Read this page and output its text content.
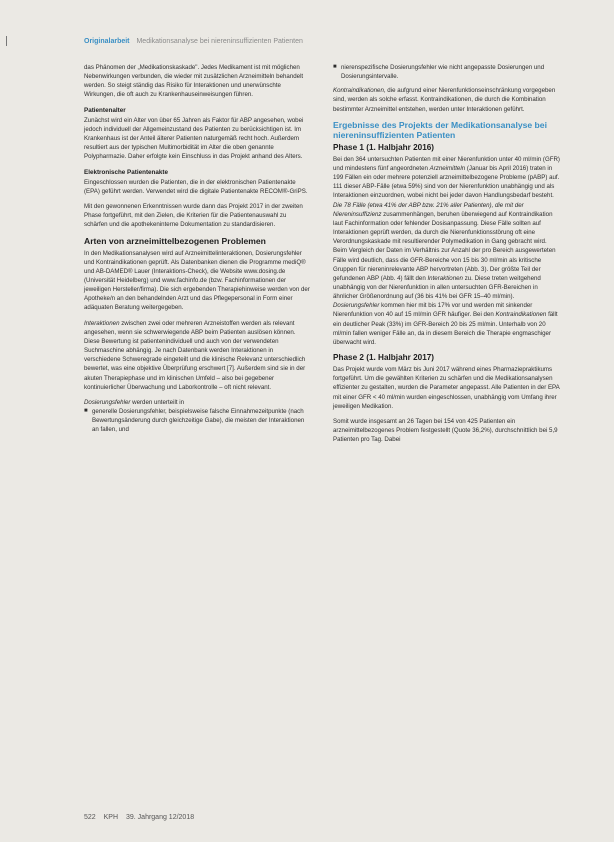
Originalarbeit Medikationsanalyse bei niereninsuffizienten Patienten

das Phänomen der „Medikationskaskade". Jedes Medikament ist mit möglichen Nebenwirkungen verbunden, die wieder mit zusätzlichen Arzneimitteln behandelt werden. So steigt ständig das Risiko für Interaktionen und unerwünschte Wirkungen, die oft auch zu Krankenhauseinweisungen führen.

Patientenalter

Zunächst wird ein Alter von über 65 Jahren als Faktor für ABP angesehen, wobei jedoch individuell der Allgemeinzustand des Patienten zu berücksichtigen ist. Im Krankenhaus ist der Anteil älterer Patienten naturgemäß recht hoch. Außerdem resultiert aus der typischen Multimorbidität im Alter die oben genannte Polypharmazie. Daher erfolgte kein Einschluss in das Projekt anhand des Alters.

Elektronische Patientenakte

Eingeschlossen wurden die Patienten, die in der elektronischen Patientenakte (EPA) geführt werden. Verwendet wird die digitale Patientenakte RECOM®-GriPS.

Mit den gewonnenen Erkenntnissen wurde dann das Projekt 2017 in der zweiten Phase fortgeführt, mit den Zielen, die Kriterien für die Patientenauswahl zu schärfen und die apothekeninterne Dokumentation zu standardisieren.

Arten von arzneimittelbezogenen Problemen

In den Medikationsanalysen wird auf Arzneimittelinteraktionen, Dosierungsfehler und Kontraindikationen geprüft. Als Datenbanken dienen die Programme mediQ® und AB-DAMED® Lauer (Interaktions-Check), die Website www.dosing.de (Universität Heidelberg) und www.fachinfo.de (bzw. Fachinformationen der jeweiligen Hersteller/firma). Die sich ergebenden Therapiehinweise werden von der Apotheke/n an den behandelnden Arzt und das Pflegepersonal in Form einer adäquaten Beratung weitergegeben.

Interaktionen zwischen zwei oder mehreren Arzneistoffen werden als relevant angesehen, wenn sie schwerwiegende ABP beim Patienten auslösen können. Diese Bewertung ist patientenindividuell und auch von der verwendeten Suchmaschine abhängig. Je nach Datenbank werden Interaktionen in verschiedene Schweregrade eingeteilt und die klinische Relevanz unterschiedlich bewertet, was eine objektive Überprüfung erschwert [7]. Außerdem sind sie in der akuten Therapiephase und im klinischen Umfeld – also bei gegebener kontinuierlicher Überwachung und Laborkontrolle – oft nicht relevant.

Dosierungsfehler werden unterteilt in

■ generelle Dosierungsfehler, beispielsweise falsche Einnahmezeitpunkte (nach Bewertungsänderung durch gleichzeitige Gabe), die meisten der Interaktionen an fallen, und
■ nierenspezifische Dosierungsfehler wie nicht angepasste Dosierungen und Dosierungsintervalle.

Kontraindikationen, die aufgrund einer Nierenfunktionseinschränkung vorgegeben sind, werden als solche erfasst. Kontraindikationen, die durch die Kombination bestimmter Arzneimittel entstehen, werden unter Interaktionen geführt.

Ergebnisse des Projekts der Medikationsanalyse bei niereninsuffizienten Patienten
Phase 1 (1. Halbjahr 2016)

Bei den 364 untersuchten Patienten mit einer Nierenfunktion unter 40 ml/min (GFR) und mindestens fünf angeordneten Arzneimitteln (Januar bis April 2016) traten in 199 Fällen ein oder mehrere potenziell arzneimittelbezogene Probleme (pABP) auf. 111 dieser ABP-Fälle (etwa 59%) sind von der Nierenfunktion unabhängig und als Interaktionen einzuordnen, wobei nicht bei jeder davon Handlungsbedarf besteht. Die 78 Fälle (etwa 41% der ABP bzw. 21% aller Patienten), die mit der Niereninsuffizienz zusammenhängen, beruhen überwiegend auf Kontraindikation laut Fachinformation oder fehlender Dosisanpassung. Diese Fälle sollten auf Interaktionen geprüft werden, da durch die Nierenfunktionsstörung oft eine Verordnungskaskade mit resultierender Polymedikation in Gang gebracht wird. Beim Vergleich der Daten im Verhältnis zur Anzahl der pro Bereich ausgewerteten Fälle wird deutlich, dass die GFR-Bereiche von 15 bis 30 ml/min als kritische Gruppen für niereninrelevante ABP hervortreten (Abb. 3). Der größte Teil der gefundenen ABP (Abb. 4) fällt den Interaktionen zu. Diese treten weitgehend unabhängig von der Nierenfunktion in allen untersuchten GFR-Bereichen in ähnlicher Größenordnung auf (36 bis 41% bei GFR 15–40 ml/min). Dosierungsfehler kommen hier mit bis 17% vor und werden mit sinkender Nierenfunktion von 40 auf 15 ml/min GFR häufiger. Bei den Kontraindikationen fällt ein deutlicher Peak (33%) im GFR-Bereich 20 bis 25 ml/min. Unterhalb von 20 ml/min fallen weniger Fälle an, da in diesem Bereich die Therapie engmaschiger überwacht wird.

Phase 2 (1. Halbjahr 2017)

Das Projekt wurde vom März bis Juni 2017 während eines Pharmaziepraktikums fortgeführt. Um die gewählten Kriterien zu schärfen und die Medikationsanalysen effizienter zu gestalten, wurden die Parameter angepasst. Alle Patienten in der EPA mit einer GFR < 40 ml/min wurden eingeschlossen, unabhängig vom Umfang ihrer jeweiligen Medikation.

Somit wurde insgesamt an 26 Tagen bei 154 von 425 Patienten ein arzneimittelbezogenes Problem festgestellt (Quote 36,2%), durchschnittlich bei 5,9 Patienten pro Tag. Dabei

522 KPH 39. Jahrgang 12/2018
